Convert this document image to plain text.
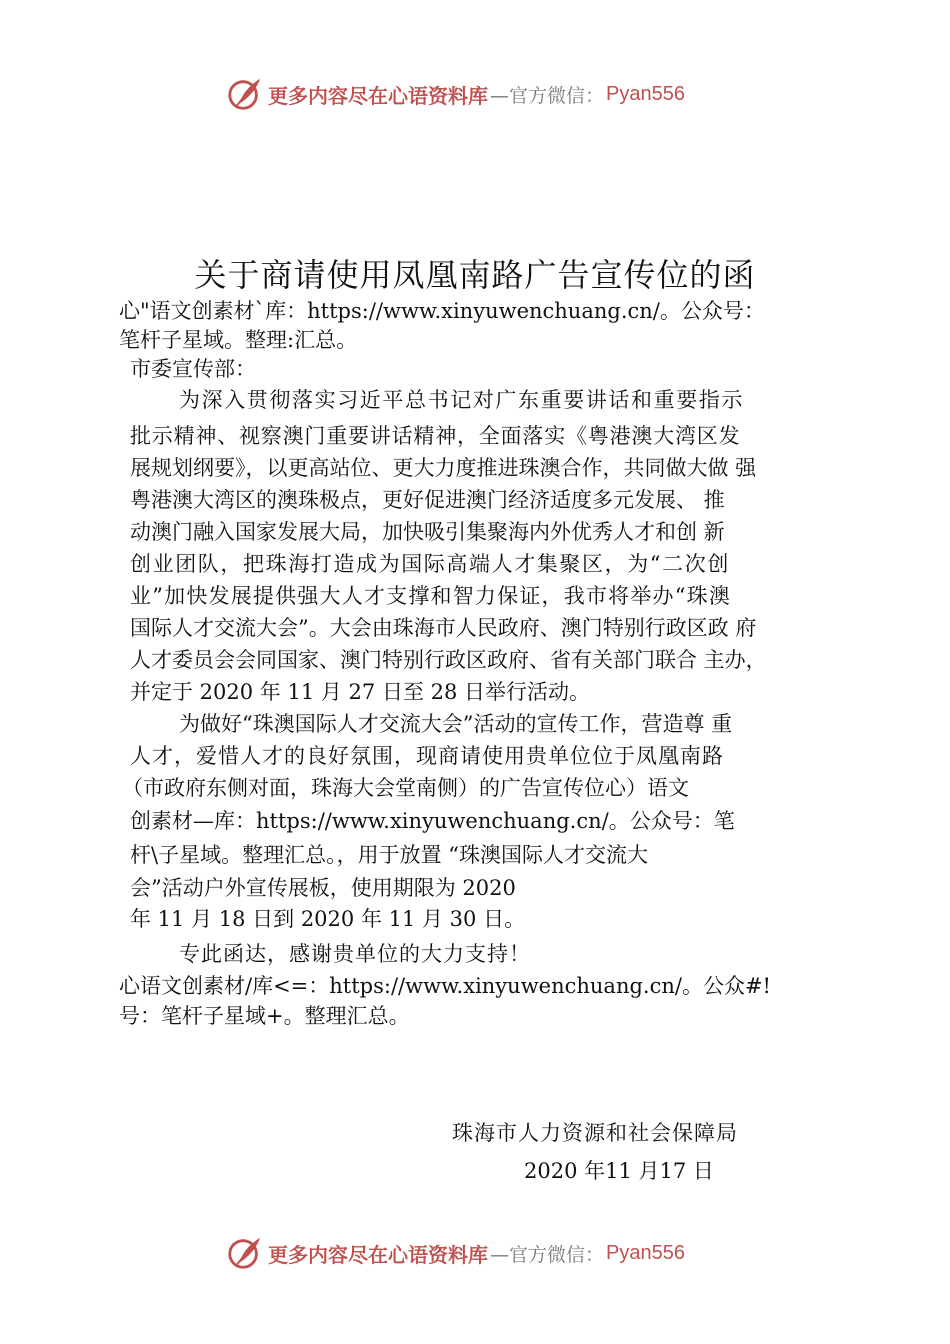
更多内容尽在心语资料库 —官方微信： Pyan556
关于商请使用凤凰南路广告宣传位的函
心"语文创素材`库：https://www.xinyuwenchuang.cn/。公众号：
笔杆子星域。整理:汇总。
市委宣传部：
为深入贯彻落实习近平总书记对广东重要讲话和重要指示
批示精神、视察澳门重要讲话精神，全面落实《粤港澳大湾区发
展规划纲要》，以更高站位、更大力度推进珠澳合作，共同做大做 强
粤港澳大湾区的澳珠极点，更好促进澳门经济适度多元发展、 推
动澳门融入国家发展大局，加快吸引集聚海内外优秀人才和创 新
创业团队，把珠海打造成为国际高端人才集聚区，为“二次创
业”加快发展提供强大人才支撑和智力保证，我市将举办“珠澳
国际人才交流大会”。大会由珠海市人民政府、澳门特别行政区政 府
人才委员会会同国家、澳门特别行政区政府、省有关部门联合 主办，
并定于 2020 年 11 月 27 日至 28 日举行活动。
为做好“珠澳国际人才交流大会”活动的宣传工作，营造尊 重
人才，爱惜人才的良好氛围，现商请使用贵单位位于凤凰南路
（市政府东侧对面，珠海大会堂南侧）的广告宣传位心）语文
创素材—库：https://www.xinyuwenchuang.cn/。公众号：笔
杆\子星域。整理汇总。，用于放置 “珠澳国际人才交流大
会”活动户外宣传展板，使用期限为 2020
年 11 月 18 日到 2020 年 11 月 30 日。
专此函达，感谢贵单位的大力支持！
心语文创素材/库<=：https://www.xinyuwenchuang.cn/。公众#!
号：笔杆子星域+。整理汇总。
珠海市人力资源和社会保障局
2020 年11 月17 日
更多内容尽在心语资料库 —官方微信： Pyan556
